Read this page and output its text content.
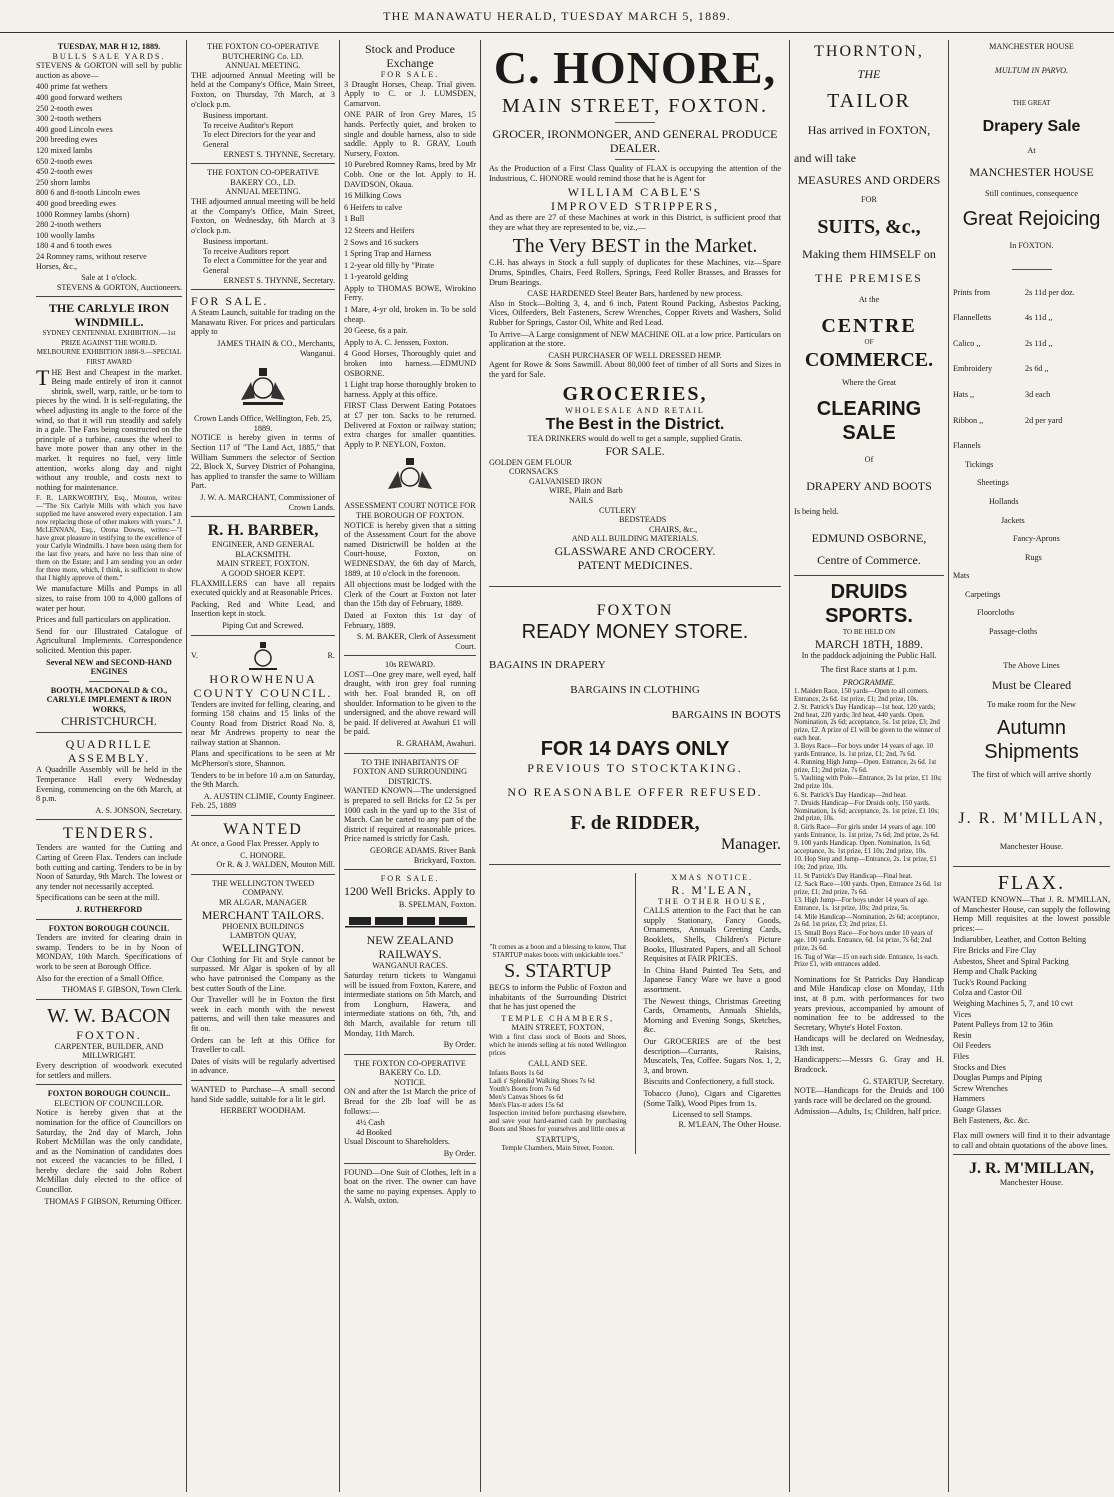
THE MANAWATU HERALD, TUESDAY MARCH 5, 1889.
TUESDAY, MAR H 12, 1889.
BULLS SALE YARDS.
STEVENS & GORTON will sell by public auction as above—
400 prime fat wethers
400 good forward wethers
250 2-tooth ewes
300 2-tooth wethers
400 good Lincoln ewes
200 breeding ewes
120 mixed lambs
650 2-tooth ewes
450 2-tooth ewes
250 shorn lambs
800 6 and 8-tooth Lincoln ewes
400 good breeding ewes
1000 Romney lambs (shorn)
280 2-tooth wethers
100 woolly lambs
180 4 and 6 tooth ewes
24 Romney rams, without reserve
Horses, &c.,
Sale at 1 o'clock.
STEVENS & GORTON, Auctioneers.
THE CARLYLE IRON WINDMILL.
SYDNEY CENTENNIAL EXHIBITION.—1st PRIZE AGAINST THE WORLD.
MELBOURNE EXHIBITION 1888-9.—SPECIAL FIRST AWARD
THE Best and Cheapest in the market. Being made entirely of iron it cannot shrink, swell, warp, rattle, or be torn to pieces by the wind. It is self-regulating, the wheel adjusting its angle to the force of the wind, so that it will run steadily and safely in a gale. The Fans being constructed on the principle of a turbine, causes the wheel to have more power than any other in the market. It requires no fuel, very little attention, works along day and night without any trouble, and costs next to nothing for maintenance.
F. R. LARKWORTHY, Esq., Mouton, writes:—"The Six Carlyle Mills with which you have supplied me have answered every expectation. I am now replacing those of other makers with yours." J. McLENNAN, Esq., Orona Downs, writes:—"I have great pleasure in testifying to the excellence of your Carlyle Windmills. I have been using them for the last five years, and have no less than nine of them on the Estate; and I am sending you an order for three more, which, I think, is sufficient to show that I highly approve of them."
We manufacture Mills and Pumps in all sizes, to raise from 100 to 4,000 gallons of water per hour.
Prices and full particulars on application.
Send for our Illustrated Catalogue of Agricultural Implements. Correspondence solicited. Mention this paper.
Several NEW and SECOND-HAND ENGINES
BOOTH, MACDONALD & CO.,
CARLYLE IMPLEMENT & IRON WORKS,
CHRISTCHURCH.
QUADRILLE ASSEMBLY.
A Quadrille Assembly will be held in the Temperance Hall every Wednesday Evening, commencing on the 6th March, at 8 p.m.
A. S. JONSON, Secretary.
TENDERS.
Tenders are wanted for the Cutting and Carting of Green Flax. Tenders can include both cutting and carting. Tenders to be in by Noon of Saturday, 9th March. The lowest or any tender not necessarily accepted.
Specifications can be seen at the mill.
J. RUTHERFORD
FOXTON BOROUGH COUNCIL
Tenders are invited for clearing drain in swamp. Tenders to be in by Noon of MONDAY, 10th March. Specifications of work to be seen at Borough Office.
Also for the erection of a Small Office.
THOMAS F. GIBSON, Town Clerk.
W. W. BACON
FOXTON.
CARPENTER, BUILDER, AND MILLWRIGHT.
Every description of woodwork executed for settlers and millers.
FOXTON BOROUGH COUNCIL.
ELECTION OF COUNCILLOR.
Notice is hereby given that at the nomination for the office of Councillors on Saturday, the 2nd day of March, John Robert McMillan was the only candidate, and as the Nomination of candidates does not exceed the vacancies to be filled, I hereby declare the said John Robert McMillan duly elected to the office of Councillor.
THOMAS F GIBSON, Returning Officer.
THE FOXTON CO-OPERATIVE BUTCHERING Co. LD.
ANNUAL MEETING.
THE adjourned Annual Meeting will be held at the Company's Office, Main Street, Foxton, on Thursday, 7th March, at 3 o'clock p.m.
Business important.
To receive Auditor's Report
To elect Directors for the year and General
ERNEST S. THYNNE, Secretary.
THE FOXTON CO-OPERATIVE BAKERY CO., LD.
ANNUAL MEETING.
THE adjourned annual meeting will be held at the Company's Office, Main Street, Foxton, on Wednesday, 6th March at 3 o'clock p.m.
Business important.
To receive Auditors report
To elect a Committee for the year and General
ERNEST S. THYNNE, Secretary.
FOR SALE.
A Steam Launch, suitable for trading on the Manawatu River. For prices and particulars apply to
JAMES THAIN & CO., Merchants, Wanganui.
Crown Lands Office, Wellington, Feb. 25, 1889.
NOTICE is hereby given in terms of Section 117 of "The Land Act, 1885," that William Summers the selector of Section 22, Block X, Survey District of Pohangina, has applied to transfer the same to William Part.
J. W. A. MARCHANT, Commissioner of Crown Lands.
R. H. BARBER,
ENGINEER, AND GENERAL BLACKSMITH.
MAIN STREET, FOXTON.
A GOOD SHOER KEPT.
FLAXMILLERS can have all repairs executed quickly and at Reasonable Prices.
Packing, Red and White Lead, and Insertion kept in stock.
Piping Cut and Screwed.
V.	R.
HOROWHENUA COUNTY COUNCIL.
Tenders are invited for felling, clearing, and forming 158 chains and 15 links of the County Road from District Road No. 8, near Mr Andrews property to near the railway station at Shannon.
Plans and specifications to be seen at Mr McPherson's store, Shannon.
Tenders to be in before 10 a.m on Saturday, the 9th March.
A. AUSTIN CLIMIE, County Engineer.
Feb. 25, 1889
WANTED
At once, a Good Flax Presser. Apply to
C. HONORE.
Or R. & J. WALDEN, Mouton Mill.
THE WELLINGTON TWEED COMPANY.
MR ALGAR, MANAGER
MERCHANT TAILORS.
PHOENIX BUILDINGS
LAMBTON QUAY,
WELLINGTON.
Our Clothing for Fit and Style cannot be surpassed. Mr Algar is spoken of by all who have patronised the Company as the best cutter South of the Line.
Our Traveller will be in Foxton the first week in each month with the newest patterns, and will then take measures and fit on.
Orders can be left at this Office for Traveller to call.
Dates of visits will be regularly advertised in advance.
WANTED to Purchase—A small second hand Side saddle, suitable for a lit le girl.
HERBERT WOODHAM.
Stock and Produce Exchange
FOR SALE.
3 Draught Horses, Cheap. Trial given. Apply to C. or J. LUMSDEN, Carnarvon.
ONE PAIR of Iron Grey Mares, 15 hands. Perfectly quiet, and broken to single and double harness, also to side saddle. Apply to R. GRAY, Louth Nursery, Foxton.
10 Purebred Romney Rams, bred by Mr Cobb. One or the lot. Apply to H. DAVIDSON, Okaua.
16 Milking Cows
6 Heifers to calve
1 Bull
12 Steers and Heifers
2 Sows and 16 suckers
1 Spring Trap and Harness
1 2-year old filly by "Pirate
1 1-yearold gelding
Apply to THOMAS BOWE, Wirokino Ferry.
1 Mare, 4-yr old, broken in. To be sold cheap.
20 Geese, 6s a pair.
Apply to A. C. Jenssen, Foxton.
4 Good Horses, Thoroughly quiet and broken into harness.—EDMUND OSBORNE.
1 Light trap horse thoroughly broken to harness. Apply at this office.
FIRST Class Derwent Eating Potatoes at £7 per ton. Sacks to be returned. Delivered at Foxton or railway station; extra charges for smaller quantities. Apply to P. NEYLON, Foxton.
ASSESSMENT COURT NOTICE FOR THE BOROUGH OF FOXTON.
NOTICE is hereby given that a sitting of the Assessment Court for the above named Districtwill be holden at the Court-house, Foxton, on WEDNESDAY, the 6th day of March, 1889, at 10 o'clock in the forenoon.
All objections must be lodged with the Clerk of the Court at Foxton not later than the 15th day of February, 1889.
Dated at Foxton this 1st day of February, 1889.
S. M. BAKER, Clerk of Assessment Court.
10s REWARD.
LOST—One grey mare, well eyed, half draught, with iron grey foal running with her. Foal branded R, on off shoulder. Information to be given to the undersigned, and the above reward will be paid. If delivered at Awahuri £1 will be paid.
R. GRAHAM, Awahuri.
TO THE INHABITANTS OF FOXTON AND SURROUNDING DISTRICTS.
WANTED KNOWN—The undersigned is prepared to sell Bricks for £2 5s per 1000 cash in the yard up to the 31st of March. Can be carted to any part of the district if required at reasonable prices. Price named is strictly for Cash.
GEORGE ADAMS. River Bank Brickyard, Foxton.
FOR SALE.
1200 Well Bricks. Apply to
B. SPELMAN, Foxton.
NEW ZEALAND RAILWAYS.
WANGANUI RACES.
Saturday return tickets to Wanganui will be issued from Foxton, Karere, and intermediate stations on 5th March, and from Longburn, Hawera, and intermediate stations on 6th, 7th, and 8th March, available for return till Monday, 11th March.
By Order.
THE FOXTON CO-OPERATIVE BAKERY Co. LD.
NOTICE.
ON and after the 1st March the price of Bread for the 2lb loaf will be as follows:—
4½ Cash
4d Booked
Usual Discount to Shareholders.
By Order.
FOUND—One Suit of Clothes, left in a boat on the river. The owner can have the same no paying expenses. Apply to A. Walsh, oxton.
C. HONORE,
MAIN STREET, FOXTON.
GROCER, IRONMONGER, AND GENERAL PRODUCE DEALER.
As the Production of a First Class Quality of FLAX is occupying the attention of the Industrious, C. HONORE would remind those that he is Agent for
WILLIAM CABLE'S
IMPROVED STRIPPERS,
And as there are 27 of these Machines at work in this District, is sufficient proof that they are what they are represented to be, viz.,—
The Very BEST in the Market.
C.H. has always in Stock a full supply of duplicates for these Machines, viz—Spare Drums, Spindles, Chairs, Feed Rollers, Springs, Feed Roller Brasses, and Brasses for Drum Bearings.
CASE HARDENED Steel Beater Bars, hardened by new process.
Also in Stock—Bolting 3, 4, and 6 inch, Patent Round Packing, Asbestos Packing, Vices, Oilfeeders, Belt Fasteners, Screw Wrenches, Copper Rivets and Washers, Solid Rubber for Springs, Castor Oil, White and Red Lead.
To Arrive—A Large consignment of NEW MACHINE OIL at a low price. Particulars on application at the store.
CASH PURCHASER OF WELL DRESSED HEMP.
Agent for Rowe & Sons Sawmill. About 80,000 feet of timber of all Sorts and Sizes in the yard for Sale.
GROCERIES,
WHOLESALE AND RETAIL
The Best in the District.
TEA DRINKERS would do well to get a sample, supplied Gratis.
FOR SALE.
GOLDEN GEM FLOUR
CORNSACKS
GALVANISED IRON
WIRE, Plain and Barb
NAILS
CUTLERY
BEDSTEADS
CHAIRS, &c.,
AND ALL BUILDING MATERIALS.
GLASSWARE AND CROCERY.
PATENT MEDICINES.
FOXTON
READY MONEY STORE.
BAGAINS IN DRAPERY
BARGAINS IN CLOTHING
BARGAINS IN BOOTS
FOR 14 DAYS ONLY
PREVIOUS TO STOCKTAKING.
NO REASONABLE OFFER REFUSED.
F. de RIDDER,
Manager.
"It comes as a boon and a blessing to know, That STARTUP makes boots with unkickable toes."
S. STARTUP
BEGS to inform the Public of Foxton and inhabitants of the Surrounding District that he has just opened the
TEMPLE CHAMBERS,
MAIN STREET, FOXTON,
With a first class stock of Boots and Shoes, which he intends selling at his noted Wellington prices
CALL AND SEE.
Infants Boots 1s 6d
Ladi s' Splendid Walking Shoes 7s 6d
Youth's Boots from 7s 6d
Men's Canvas Shoes 6s 6d
Men's Flax-tr aders 15s 6d
Inspection invited before purchasing elsewhere, and save your hard-earned cash by purchasing Boots and Shoes for yourselves and little ones at
STARTUP'S,
Temple Chambers, Main Street, Foxton.
XMAS NOTICE.
R. M'LEAN,
THE OTHER HOUSE,
CALLS attention to the Fact that he can supply Stationary, Fancy Goods, Ornaments, Annuals Greeting Cards, Booklets, Shells, Children's Picture Books, Illustrated Papers, and all School Requisites at FAIR PRICES.
In China Hand Painted Tea Sets, and Japanese Fancy Ware we have a good assortment.
The Newest things, Christmas Greeting Cards, Ornaments, Annuals Shields, Morning and Evening Songs, Sketches, &c.
Our GROCERIES are of the best description—Currants, Raisins, Muscatels, Tea, Coffee. Sugars Nos. 1, 2, 3, and brown.
Biscuits and Confectionery, a full stock.
Tobacco (Juno), Cigars and Cigarettes (Some Talk), Wood Pipes from 1s.
Licensed to sell Stamps.
R. M'LEAN, The Other House.
THORNTON,
THE
TAILOR
Has arrived in FOXTON,
and will take
MEASURES AND ORDERS
FOR
SUITS, &c.,
Making them HIMSELF on
THE PREMISES
At the
CENTRE
OF
COMMERCE.
Where the Great
CLEARING SALE
Of
DRAPERY AND BOOTS
Is being held.
EDMUND OSBORNE,
Centre of Commerce.
DRUIDS SPORTS.
TO BE HELD ON
MARCH 18TH, 1889.
In the paddock adjoining the Public Hall.
The first Race starts at 1 p.m.
PROGRAMME.
1. Maiden Race, 150 yards—Open to all comers. Entrance, 2s 6d. 1st prize, £1; 2nd prize, 10s.
2. St. Patrick's Day Handicap—1st heat, 120 yards; 2nd heat, 220 yards; 3rd heat, 440 yards. Open. Nomination, 2s 6d; acceptance, 5s. 1st prize, £3; 2nd prize, £2. A prize of £1 will be given to the winner of each heat.
3. Boys Race—For boys under 14 years of age. 10 yards Entrance, 1s. 1st prize, £1; 2nd, 7s 6d.
4. Running High Jump—Open. Entrance, 2s 6d. 1st prize, £1; 2nd prize, 7s 6d.
5. Vaulting with Pole—Entrance, 2s 1st prize, £1 10s; 2nd prize 10s.
6. St. Patrick's Day Handicap—2nd heat.
7. Druids Handicap—For Druids only, 150 yards. Nomination, 1s 6d; acceptance, 2s. 1st prize, £1 10s; 2nd prize, 10s.
8. Girls Race—For girls under 14 years of age. 100 yards Entrance, 1s. 1st prize, 7s 6d; 2nd prize, 2s 6d.
9. 100 yards Handicap. Open. Nomination, 1s 6d; acceptance, 3s. 1st prize, £1 10s; 2nd prize, 10s.
10. Hop Step and Jump—Entrance, 2s. 1st prize, £1 10s; 2nd prize, 10s.
11. St Patrick's Day Handicap—Final heat.
12. Sack Race—100 yards. Open, Entrance 2s 6d. 1st prize, £1; 2nd prize, 7s 6d.
13. High Jump—For boys under 14 years of age. Entrance, 1s. 1st prize, 10s; 2nd prize, 5s.
14. Mile Handicap—Nomination, 2s 6d; acceptance, 2s 6d. 1st prize, £3; 2nd prize, £1.
15. Small Boys Race—For boys under 10 years of age. 100 yards. Entrance, 6d. 1st prize, 7s 6d; 2nd prize, 2s 6d.
16. Tug of War—15 on each side. Entrance, 1s each. Prize £1, with entrances added.
Nominations for St Patricks Day Handicap and Mile Handicap close on Monday, 11th inst, at 8 p.m. with performances for two years previous, accompanied by amount of nomination fee to be addressed to the Secretary, Whyte's Hotel Foxton.
Handicaps will be declared on Wednesday, 13th inst.
Handicappers:—Messrs G. Gray and H. Bradcock.
G. STARTUP, Secretary.
NOTE—Handicaps for the Druids and 100 yards race will be declared on the ground.
Admission—Adults, 1s; Children, half price.
MANCHESTER HOUSE
MULTUM IN PARVO.
THE GREAT
Drapery Sale
At
MANCHESTER HOUSE
Still continues, consequence
Great Rejoicing
In FOXTON.
Prints from	2s 11d per doz.
Flannelletts	4s 11d ,,
Calico ,,	2s 11d ,,
Embroidery	2s 6d ,,
Hats ,,	3d each
Ribbon ,,	2d per yard
Flannels
Tickings
Sheetings
Hollands
Jackets
Fancy-Aprons
Rugs
Mats
Carpetings
Floorcloths
Passage-cloths
The Above Lines
Must be Cleared
To make room for the New
Autumn Shipments
The first of which will arrive shortly
J. R. M'MILLAN,
Manchester House.
FLAX.
WANTED KNOWN—That J. R. M'MILLAN, of Manchester House, can supply the following Hemp Mill requisites at the lowest possible prices:—
Indiarubber, Leather, and Cotton Belting
Fire Bricks and Fire Clay
Asbestos, Sheet and Spiral Packing
Hemp and Chalk Packing
Tuck's Round Packing
Colza and Castor Oil
Weighing Machines 5, 7, and 10 cwt
Vices
Patent Pulleys from 12 to 36in
Resin
Oil Feeders
Files
Stocks and Dies
Douglas Pumps and Piping
Screw Wrenches
Hammers
Guage Glasses
Belt Fasteners, &c. &c.
Flax mill owners will find it to their advantage to call and obtain quotations of the above lines.
J. R. M'MILLAN,
Manchester House.
